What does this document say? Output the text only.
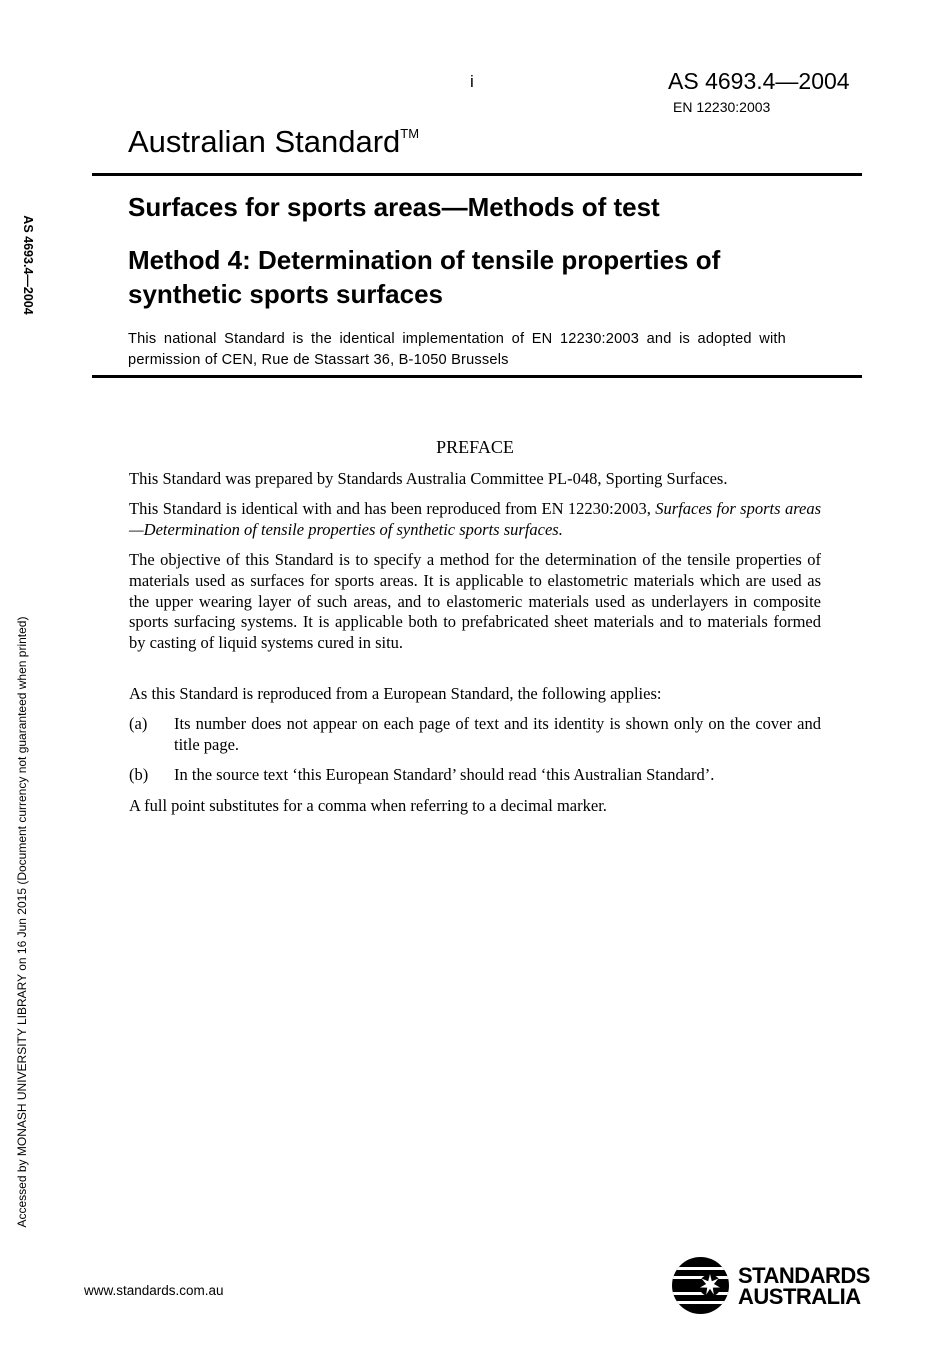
i	AS 4693.4—2004
EN 12230:2003
Australian Standard™
Surfaces for sports areas—Methods of test
Method 4: Determination of tensile properties of synthetic sports surfaces
This national Standard is the identical implementation of EN 12230:2003 and is adopted with permission of CEN, Rue de Stassart 36, B-1050 Brussels
AS 4693.4—2004
Accessed by MONASH UNIVERSITY LIBRARY on 16 Jun 2015 (Document currency not guaranteed when printed)
PREFACE
This Standard was prepared by Standards Australia Committee PL-048, Sporting Surfaces.
This Standard is identical with and has been reproduced from EN 12230:2003, Surfaces for sports areas—Determination of tensile properties of synthetic sports surfaces.
The objective of this Standard is to specify a method for the determination of the tensile properties of materials used as surfaces for sports areas. It is applicable to elastometric materials which are used as the upper wearing layer of such areas, and to elastomeric materials used as underlayers in composite sports surfacing systems. It is applicable both to prefabricated sheet materials and to materials formed by casting of liquid systems cured in situ.
As this Standard is reproduced from a European Standard, the following applies:
(a) Its number does not appear on each page of text and its identity is shown only on the cover and title page.
(b) In the source text ‘this European Standard’ should read ‘this Australian Standard’.
A full point substitutes for a comma when referring to a decimal marker.
www.standards.com.au
STANDARDS
AUSTRALIA
